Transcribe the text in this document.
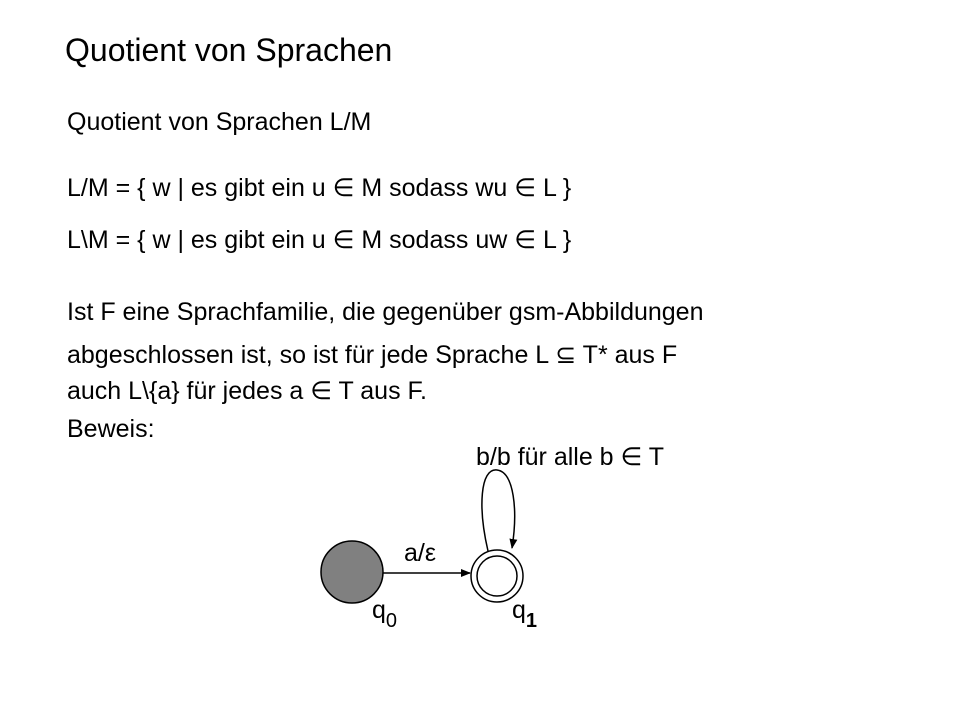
Quotient von Sprachen
Quotient von Sprachen L/M
L/M = { w | es gibt ein u ∈ M sodass wu ∈ L }
L\M = { w | es gibt ein u ∈ M sodass uw ∈ L }
Ist F eine Sprachfamilie, die gegenüber gsm-Abbildungen
abgeschlossen ist, so ist für jede Sprache L ⊆ T* aus F
auch L\{a} für jedes a ∈ T aus F.
Beweis:
b/b für alle b ∈ T
a/ε
$q_0$	$q_1$
